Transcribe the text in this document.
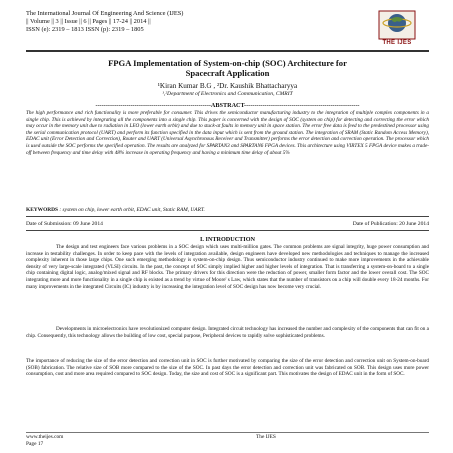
The International Journal Of Engineering And Science (IJES)
|| Volume || 3 || Issue || 6 || Pages || 17-24 || 2014 ||
ISSN (e): 2319 – 1813 ISSN (p): 2319 – 1805
THE IJES
FPGA Implementation of System-on-chip (SOC) Architecture for
Spacecraft Application
¹Kiran Kumar B.G , ²Dr. Kaushik Bhattacharyya
¹,²Department of Electronics and Communication, CMRIT
--------------------------------------------------------ABSTRACT--------------------------------------------------------
The high performance and rich functionality is more preferable for consumer. This drives the semiconductor manufacturing industry to the integration of multiple complex components in a single chip. This is achieved by integrating all the components into a single chip. This paper is concerned with the design of SOC (system on chip) for detecting and correcting the error which may occur in the memory unit due to radiation in LEO (lower earth orbit) and due to stuck-at faults in memory unit in space station. The error free data is feed to the predestined processor using the serial communication protocol (UART) and perform its function specified in the data input which is sent from the ground station. The integration of SRAM (Static Random Access Memory), EDAC unit (Error Detection and Correction), Router and UART (Universal Asynchronous Receiver and Transmitter) performs the error detection and correction operation. The processor which is used outside the SOC performs the specified operation. The results are analyzed for SPARTAN3 and SPARTAN6 FPGA devices. This architecture using VIRTEX 5 FPGA device makes a trade-off between frequency and time delay with 48% increase in operating frequency and having a minimum time delay of about 5%
KEYWORDS : system on chip, lower earth orbit, EDAC unit, Static RAM, UART.
Date of Submission: 09 June 2014	Date of Publication: 20 June 2014
I. INTRODUCTION
The design and test engineers face various problems in a SOC design which uses multi-million gates. The common problems are signal integrity, huge power consumption and increase in testability challenges. In order to keep pace with the levels of integration available, design engineers have developed new methodologies and techniques to manage the increased complexity inherent in those large chips. One such emerging methodology is system-on-chip design. Thus semiconductor industry continued to make more improvements in the achievable density of very large-scale integrated (VLSI) circuits. In the past, the concept of SOC simply implied higher and higher levels of integration. That is transferring a system-on-board to a single chip containing digital logic, analog/mixed signal and RF blocks. The primary drivers for this direction were the reduction of power, smaller form factor and the lower overall cost. The SOC integrating more and more functionality in a single chip is existed as a trend by virtue of Moore' s Law, which states that the number of transistors on a chip will double every 18-24 months. For many improvements in the integrated Circuits (IC) industry is by increasing the integration level of SOC design has now become very crucial.
Developments in microelectronics have revolutionized computer design. Integrated circuit technology has increased the number and complexity of the components that can fit on a chip. Consequently, this technology allows the building of low cost, special purpose, Peripheral devices to rapidly solve sophisticated problems.
The importance of reducing the size of the error detection and correction unit in SOC is further motivated by comparing the size of the error detection and correction unit on System-on-board (SOB) fabrication. The relative size of SOB more compared to the size of the SOC. In past days the error detection and correction unit was fabricated on SOB. This design uses more power consumption, cost and more area required compared to SOC design. Today, the size and cost of SOC is a significant part. This motivates the design of EDAC unit in the form of SOC.
www.theijes.com
Page 17
The IJES
